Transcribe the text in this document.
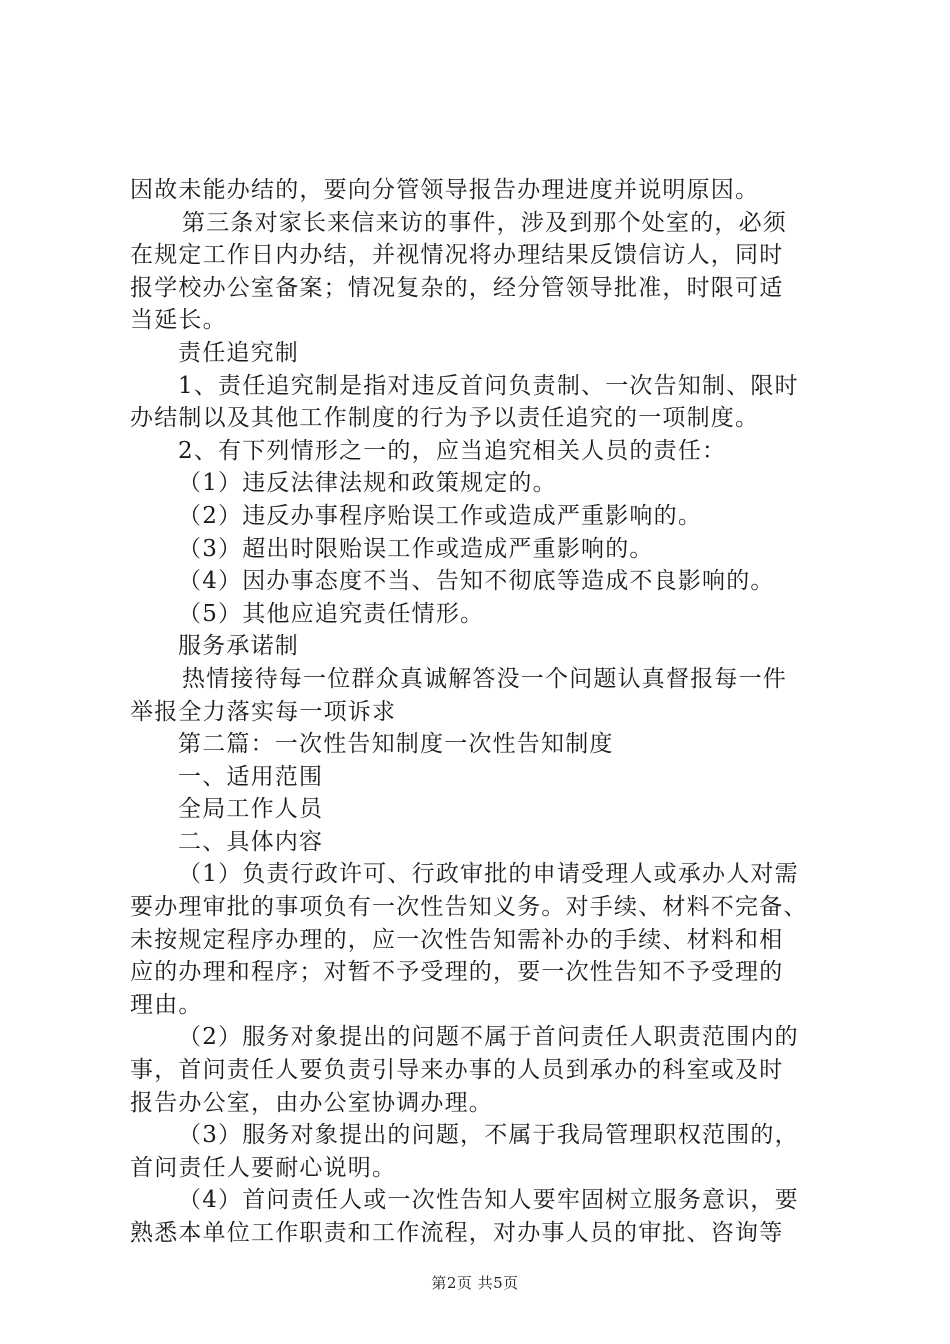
因故未能办结的，要向分管领导报告办理进度并说明原因。
第三条对家长来信来访的事件，涉及到那个处室的，必须
在规定工作日内办结，并视情况将办理结果反馈信访人，同时
报学校办公室备案；情况复杂的，经分管领导批准，时限可适
当延长。
责任追究制
1、责任追究制是指对违反首问负责制、一次告知制、限时
办结制以及其他工作制度的行为予以责任追究的一项制度。
2、有下列情形之一的，应当追究相关人员的责任：
（1）违反法律法规和政策规定的。
（2）违反办事程序贻误工作或造成严重影响的。
（3）超出时限贻误工作或造成严重影响的。
（4）因办事态度不当、告知不彻底等造成不良影响的。
（5）其他应追究责任情形。
服务承诺制
热情接待每一位群众真诚解答没一个问题认真督报每一件
举报全力落实每一项诉求
第二篇：一次性告知制度一次性告知制度
一、适用范围
全局工作人员
二、具体内容
（1）负责行政许可、行政审批的申请受理人或承办人对需
要办理审批的事项负有一次性告知义务。对手续、材料不完备、
未按规定程序办理的，应一次性告知需补办的手续、材料和相
应的办理和程序；对暂不予受理的，要一次性告知不予受理的
理由。
（2）服务对象提出的问题不属于首问责任人职责范围内的
事，首问责任人要负责引导来办事的人员到承办的科室或及时
报告办公室，由办公室协调办理。
（3）服务对象提出的问题，不属于我局管理职权范围的，
首问责任人要耐心说明。
（4）首问责任人或一次性告知人要牢固树立服务意识，要
熟悉本单位工作职责和工作流程，对办事人员的审批、咨询等
第2页 共5页
